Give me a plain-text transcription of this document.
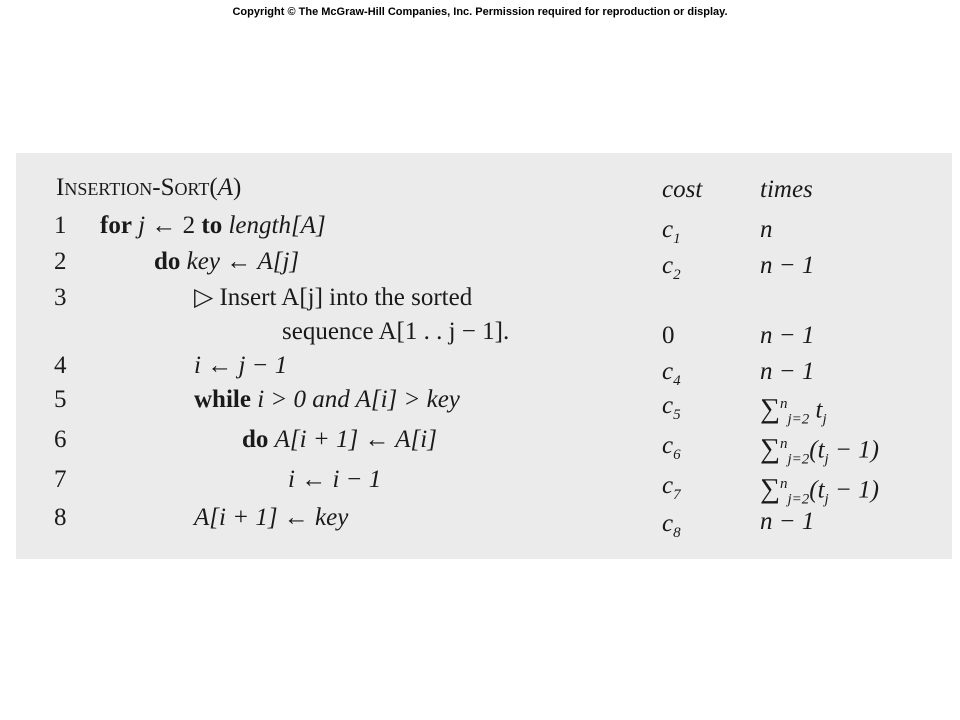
Copyright © The McGraw-Hill Companies, Inc. Permission required for reproduction or display.
Insertion-Sort(A)	cost times
1 for j ← 2 to length[A]	$c_1$	n
2	do key ← A[j]	$c_2$	n − 1
3	▷ Insert A[j] into the sorted
sequence A[1 . . j − 1].	0	n − 1
4	i ← j − 1	$c_4$	n − 1
5	while i > 0 and A[i] > key	$c_5$	∑$^n_{j=2}$ $t_j$
6	do A[i + 1] ← A[i]	$c_6$	$\sum^n_{j=2}(t_j - 1)$
7	i ← i − 1	$c_7$	$\sum^n_{j=2}(t_j - 1)$
8	A[i + 1] ← key	$c_8$	n − 1
